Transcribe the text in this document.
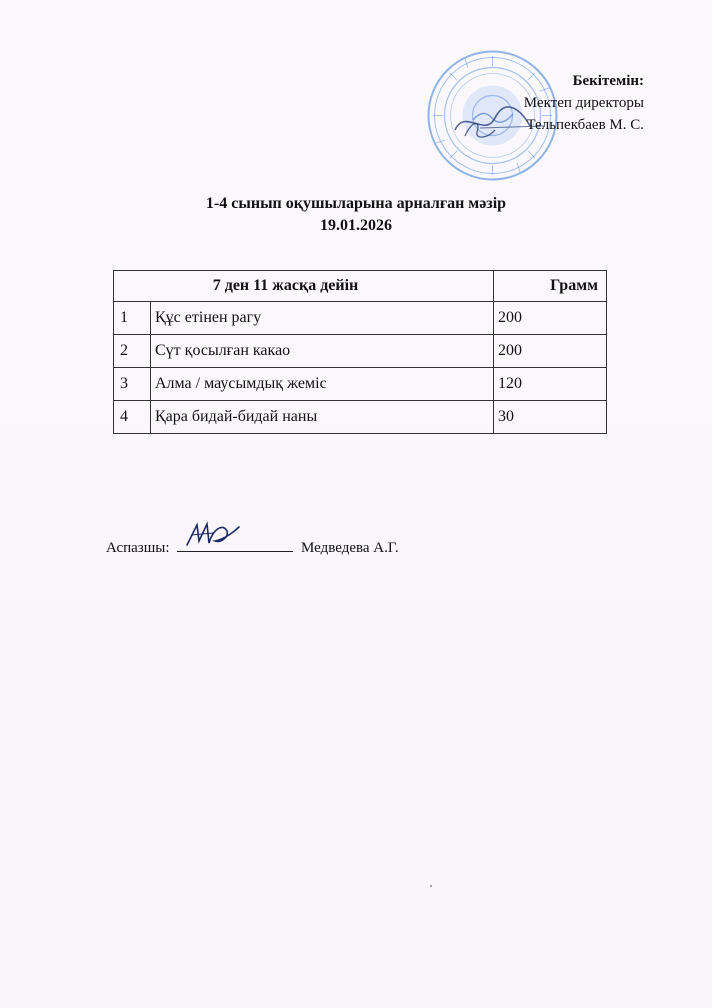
Бекітемін:
Мектеп директоры
Тельпекбаев М. С.
1-4 сынып оқушыларына арналған мәзір
19.01.2026
7 ден 11 жасқа дейін		Грамм
1	Құс етінен рагу	200
2	Сүт қосылған какао	200
3	Алма / маусымдық жеміс	120
4	Қара бидай-бидай наны	30
Аспазшы:	Медведева А.Г.
